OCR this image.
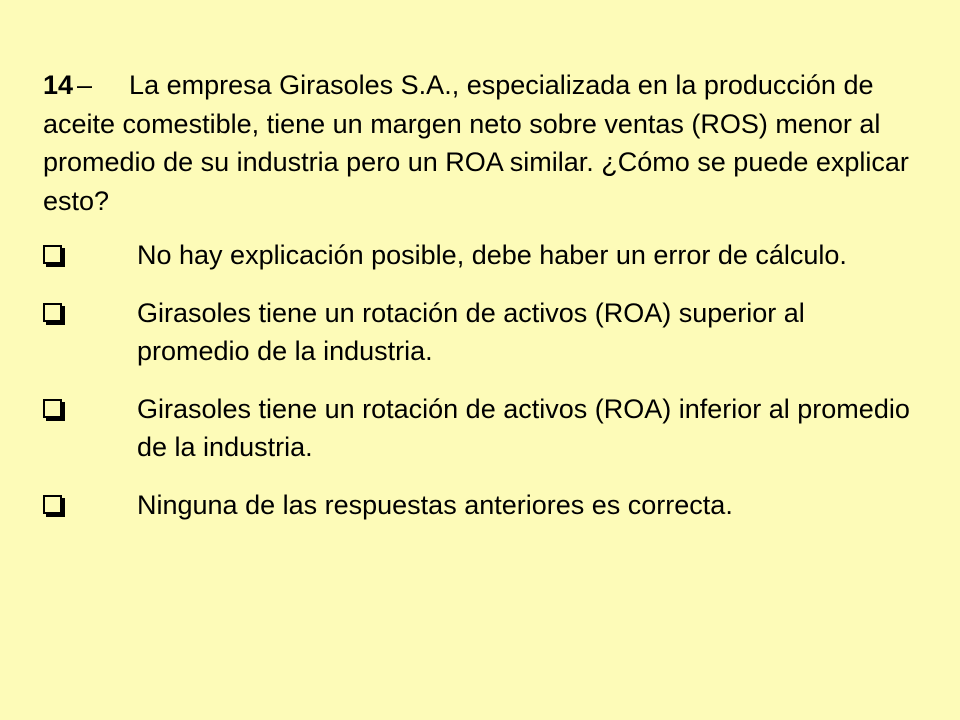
14 – La empresa Girasoles S.A., especializada en la producción de aceite comestible, tiene un margen neto sobre ventas (ROS) menor al promedio de su industria pero un ROA similar. ¿Cómo se puede explicar esto?
No hay explicación posible, debe haber un error de cálculo.
Girasoles tiene un rotación de activos (ROA) superior al promedio de la industria.
Girasoles tiene un rotación de activos (ROA) inferior al promedio de la industria.
Ninguna de las respuestas anteriores es correcta.
